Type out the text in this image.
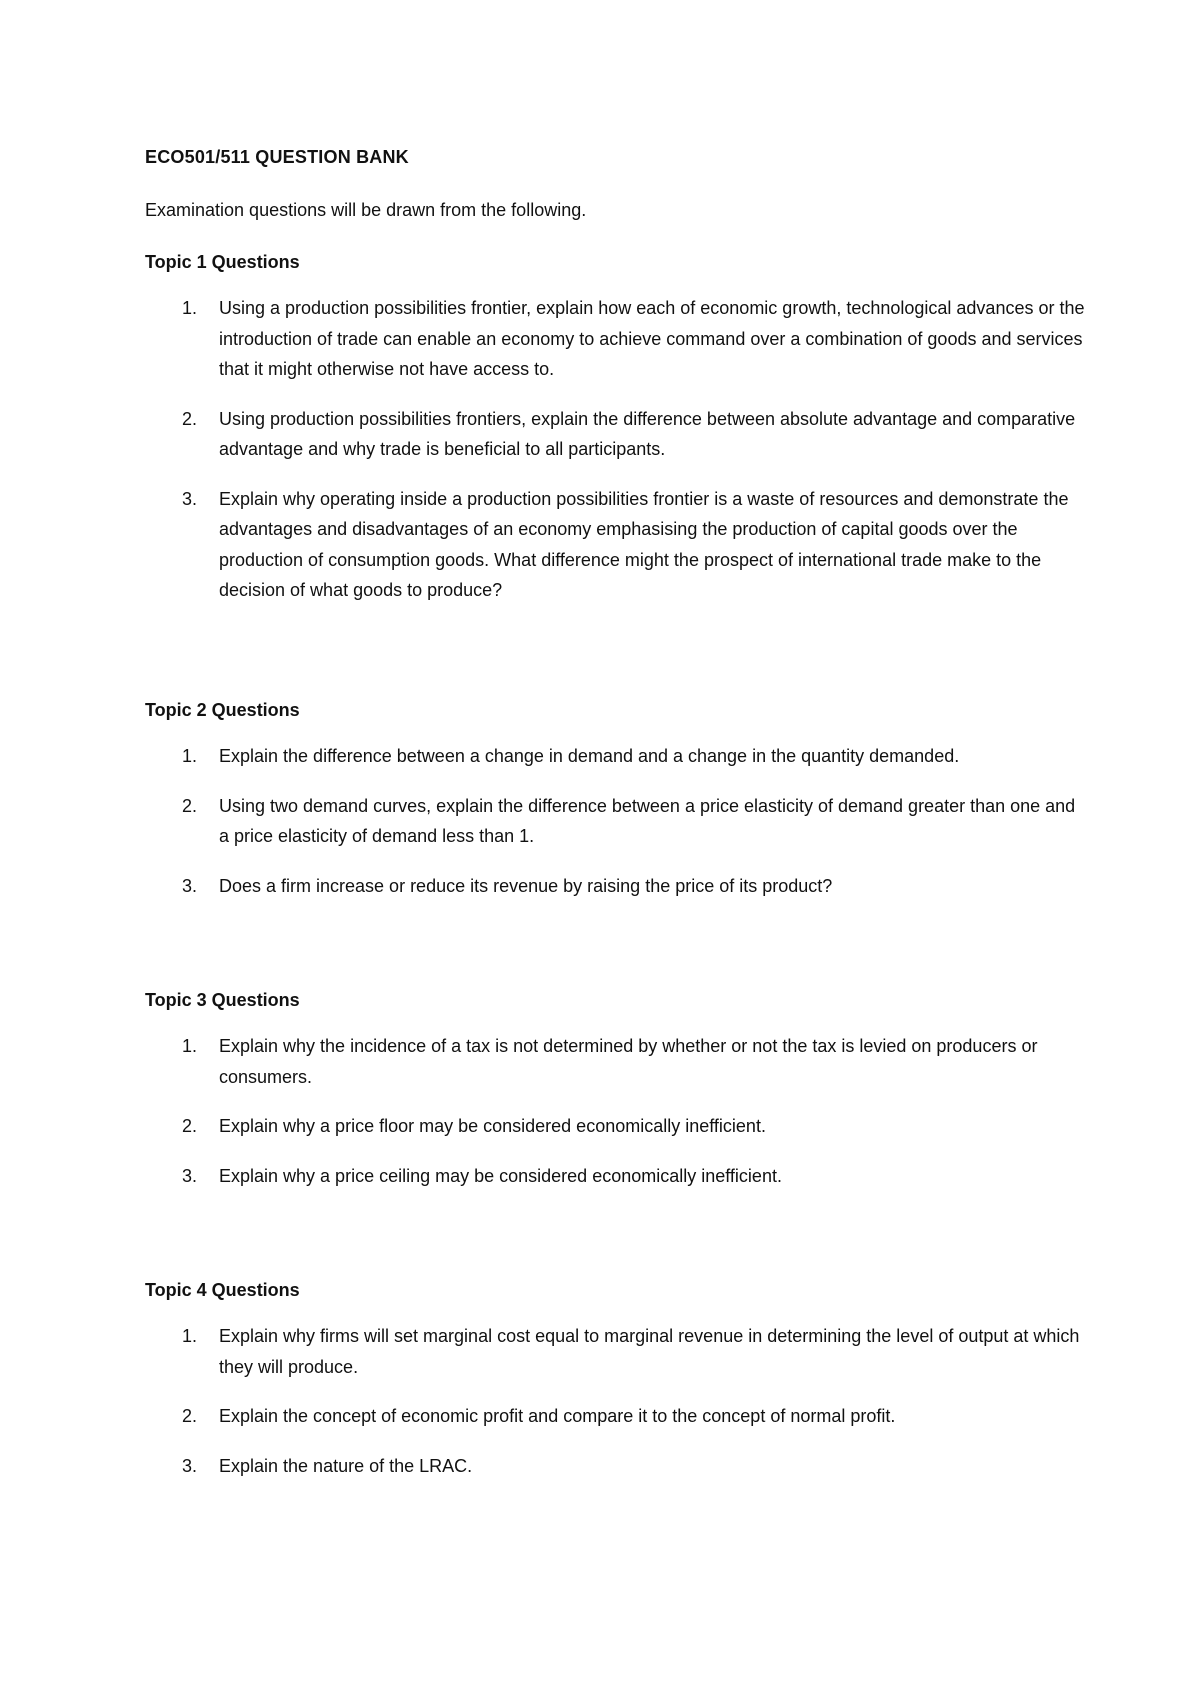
ECO501/511 QUESTION BANK
Examination questions will be drawn from the following.
Topic 1 Questions
1. Using a production possibilities frontier, explain how each of economic growth, technological advances or the introduction of trade can enable an economy to achieve command over a combination of goods and services that it might otherwise not have access to.
2. Using production possibilities frontiers, explain the difference between absolute advantage and comparative advantage and why trade is beneficial to all participants.
3. Explain why operating inside a production possibilities frontier is a waste of resources and demonstrate the advantages and disadvantages of an economy emphasising the production of capital goods over the production of consumption goods. What difference might the prospect of international trade make to the decision of what goods to produce?
Topic 2 Questions
1. Explain the difference between a change in demand and a change in the quantity demanded.
2. Using two demand curves, explain the difference between a price elasticity of demand greater than one and a price elasticity of demand less than 1.
3. Does a firm increase or reduce its revenue by raising the price of its product?
Topic 3 Questions
1. Explain why the incidence of a tax is not determined by whether or not the tax is levied on producers or consumers.
2. Explain why a price floor may be considered economically inefficient.
3. Explain why a price ceiling may be considered economically inefficient.
Topic 4 Questions
1. Explain why firms will set marginal cost equal to marginal revenue in determining the level of output at which they will produce.
2. Explain the concept of economic profit and compare it to the concept of normal profit.
3. Explain the nature of the LRAC.
